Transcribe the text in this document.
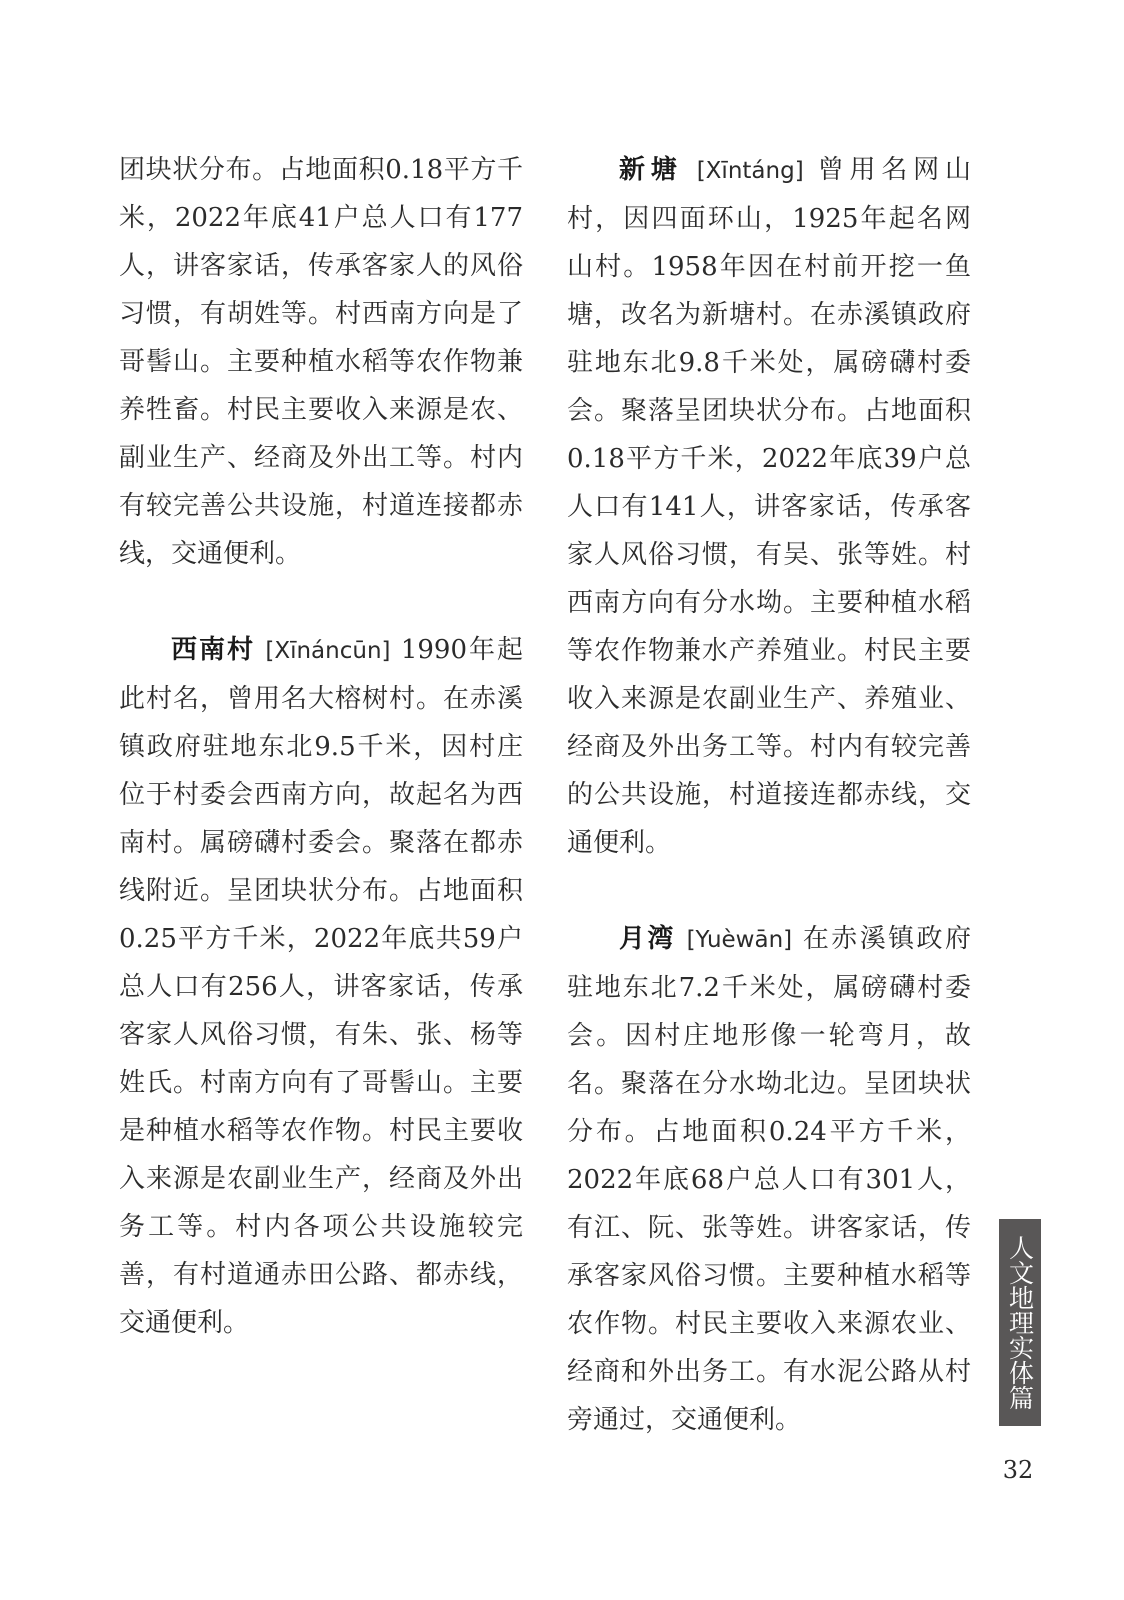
团块状分布。占地面积0.18平方千米，2022年底41户总人口有177人，讲客家话，传承客家人的风俗习惯，有胡姓等。村西南方向是了哥髻山。主要种植水稻等农作物兼养牲畜。村民主要收入来源是农、副业生产、经商及外出工等。村内有较完善公共设施，村道连接都赤线，交通便利。

西南村 [Xīnáncūn] 1990年起此村名，曾用名大榕树村。在赤溪镇政府驻地东北9.5千米，因村庄位于村委会西南方向，故起名为西南村。属磅礴村委会。聚落在都赤线附近。呈团块状分布。占地面积0.25平方千米，2022年底共59户总人口有256人，讲客家话，传承客家人风俗习惯，有朱、张、杨等姓氏。村南方向有了哥髻山。主要是种植水稻等农作物。村民主要收入来源是农副业生产，经商及外出务工等。村内各项公共设施较完善，有村道通赤田公路、都赤线，交通便利。

新塘 [Xīntáng] 曾用名网山村，因四面环山，1925年起名网山村。1958年因在村前开挖一鱼塘，改名为新塘村。在赤溪镇政府驻地东北9.8千米处，属磅礴村委会。聚落呈团块状分布。占地面积0.18平方千米，2022年底39户总人口有141人，讲客家话，传承客家人风俗习惯，有吴、张等姓。村西南方向有分水坳。主要种植水稻等农作物兼水产养殖业。村民主要收入来源是农副业生产、养殖业、经商及外出务工等。村内有较完善的公共设施，村道接连都赤线，交通便利。

月湾 [Yuèwān] 在赤溪镇政府驻地东北7.2千米处，属磅礴村委会。因村庄地形像一轮弯月，故名。聚落在分水坳北边。呈团块状分布。占地面积0.24平方千米，2022年底68户总人口有301人，有江、阮、张等姓。讲客家话，传承客家风俗习惯。主要种植水稻等农作物。村民主要收入来源农业、经商和外出务工。有水泥公路从村旁通过，交通便利。

人文地理实体篇
32
